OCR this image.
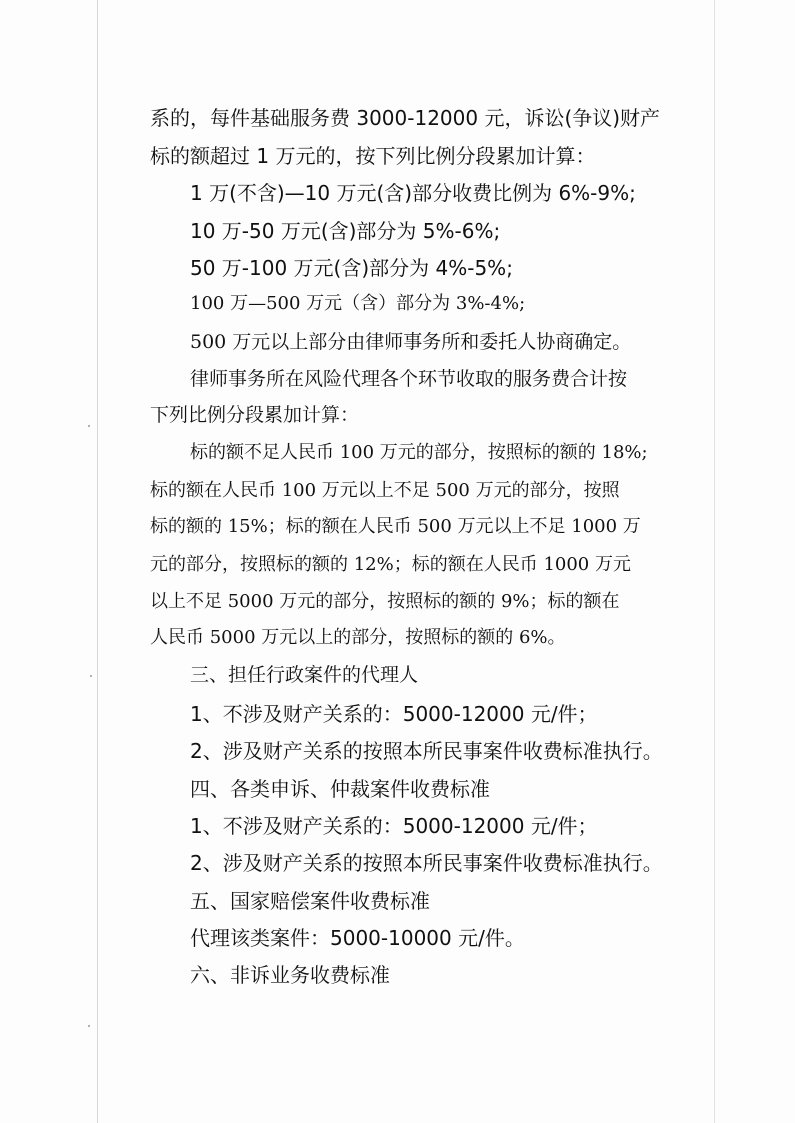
系的，每件基础服务费 3000-12000 元，诉讼(争议)财产
标的额超过 1 万元的，按下列比例分段累加计算：
1 万(不含)—10 万元(含)部分收费比例为 6%-9%;
10 万-50 万元(含)部分为 5%-6%;
50 万-100 万元(含)部分为 4%-5%;
100 万—500 万元（含）部分为 3%-4%;
500 万元以上部分由律师事务所和委托人协商确定。
律师事务所在风险代理各个环节收取的服务费合计按
下列比例分段累加计算：
标的额不足人民币 100 万元的部分，按照标的额的 18%;
标的额在人民币 100 万元以上不足 500 万元的部分，按照
标的额的 15%；标的额在人民币 500 万元以上不足 1000 万
元的部分，按照标的额的 12%；标的额在人民币 1000 万元
以上不足 5000 万元的部分，按照标的额的 9%；标的额在
人民币 5000 万元以上的部分，按照标的额的 6%。
三、担任行政案件的代理人
1、不涉及财产关系的：5000-12000 元/件；
2、涉及财产关系的按照本所民事案件收费标准执行。
四、各类申诉、仲裁案件收费标准
1、不涉及财产关系的：5000-12000 元/件；
2、涉及财产关系的按照本所民事案件收费标准执行。
五、国家赔偿案件收费标准
代理该类案件：5000-10000 元/件。
六、非诉业务收费标准
